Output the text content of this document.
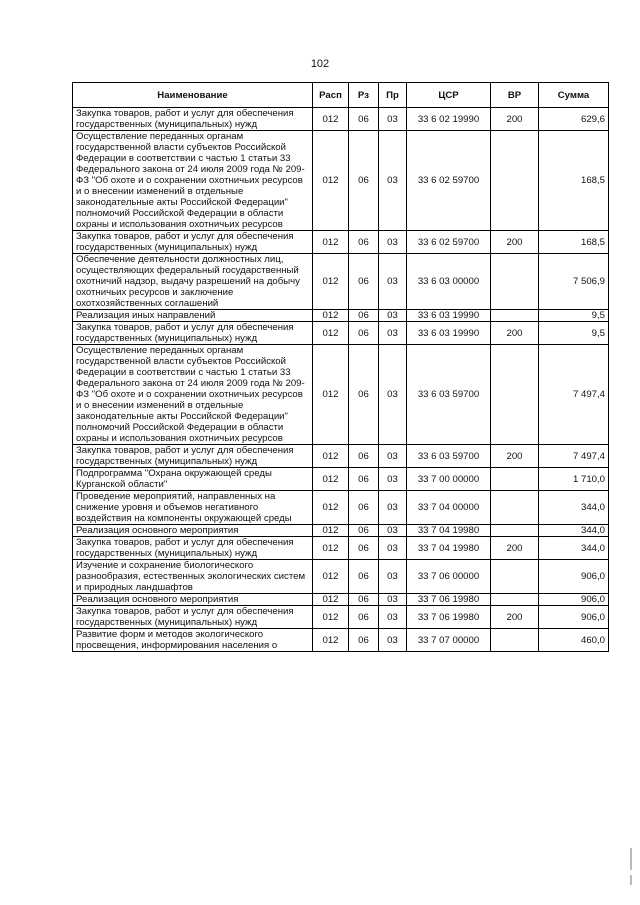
102
Наименование	Расп	Рз	Пр	ЦСР	ВР	Сумма
Закупка товаров, работ и услуг для обеспечения государственных (муниципальных) нужд	012	06	03	33 6 02 19990	200	629,6
Осуществление переданных органам государственной власти субъектов Российской Федерации в соответствии с частью 1 статьи 33 Федерального закона от 24 июля 2009 года № 209-ФЗ "Об охоте и о сохранении охотничьих ресурсов и о внесении изменений в отдельные законодательные акты Российской Федерации" полномочий Российской Федерации в области охраны и использования охотничьих ресурсов	012	06	03	33 6 02 59700		168,5
Закупка товаров, работ и услуг для обеспечения государственных (муниципальных) нужд	012	06	03	33 6 02 59700	200	168,5
Обеспечение деятельности должностных лиц, осуществляющих федеральный государственный охотничий надзор, выдачу разрешений на добычу охотничьих ресурсов и заключение охотхозяйственных соглашений	012	06	03	33 6 03 00000		7 506,9
Реализация иных направлений	012	06	03	33 6 03 19990		9,5
Закупка товаров, работ и услуг для обеспечения государственных (муниципальных) нужд	012	06	03	33 6 03 19990	200	9,5
Осуществление переданных органам государственной власти субъектов Российской Федерации в соответствии с частью 1 статьи 33 Федерального закона от 24 июля 2009 года № 209-ФЗ "Об охоте и о сохранении охотничьих ресурсов и о внесении изменений в отдельные законодательные акты Российской Федерации" полномочий Российской Федерации в области охраны и использования охотничьих ресурсов	012	06	03	33 6 03 59700		7 497,4
Закупка товаров, работ и услуг для обеспечения государственных (муниципальных) нужд	012	06	03	33 6 03 59700	200	7 497,4
Подпрограмма "Охрана окружающей среды Курганской области"	012	06	03	33 7 00 00000		1 710,0
Проведение мероприятий, направленных на снижение уровня и объемов негативного воздействия на компоненты окружающей среды	012	06	03	33 7 04 00000		344,0
Реализация основного мероприятия	012	06	03	33 7 04 19980		344,0
Закупка товаров, работ и услуг для обеспечения государственных (муниципальных) нужд	012	06	03	33 7 04 19980	200	344,0
Изучение и сохранение биологического разнообразия, естественных экологических систем и природных ландшафтов	012	06	03	33 7 06 00000		906,0
Реализация основного мероприятия	012	06	03	33 7 06 19980		906,0
Закупка товаров, работ и услуг для обеспечения государственных (муниципальных) нужд	012	06	03	33 7 06 19980	200	906,0
Развитие форм и методов экологического просвещения, информирования населения о	012	06	03	33 7 07 00000		460,0
